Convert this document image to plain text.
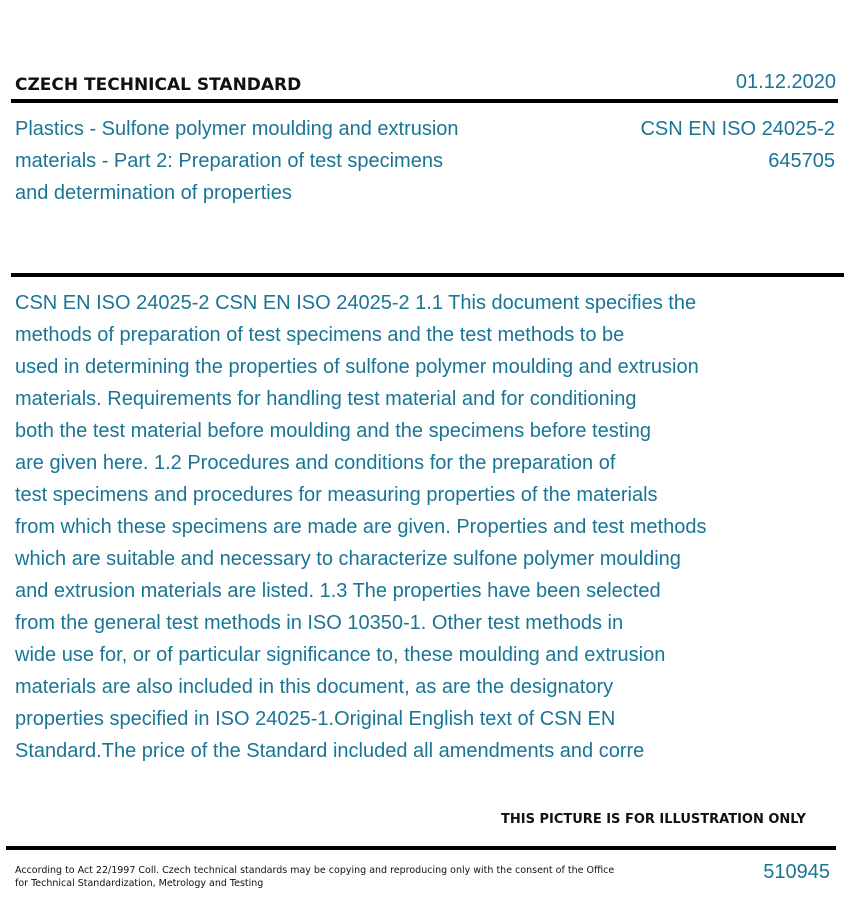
CZECH TECHNICAL STANDARD	01.12.2020
Plastics - Sulfone polymer moulding and extrusion
materials - Part 2: Preparation of test specimens
and determination of properties
CSN EN ISO 24025-2
645705
CSN EN ISO 24025-2 CSN EN ISO 24025-2 1.1 This document specifies the
methods of preparation of test specimens and the test methods to be
used in determining the properties of sulfone polymer moulding and extrusion
materials. Requirements for handling test material and for conditioning
both the test material before moulding and the specimens before testing
are given here. 1.2 Procedures and conditions for the preparation of
test specimens and procedures for measuring properties of the materials
from which these specimens are made are given. Properties and test methods
which are suitable and necessary to characterize sulfone polymer moulding
and extrusion materials are listed. 1.3 The properties have been selected
from the general test methods in ISO 10350-1. Other test methods in
wide use for, or of particular significance to, these moulding and extrusion
materials are also included in this document, as are the designatory
properties specified in ISO 24025-1.Original English text of CSN EN
Standard.The price of the Standard included all amendments and corre
THIS PICTURE IS FOR ILLUSTRATION ONLY
According to Act 22/1997 Coll. Czech technical standards may be copying and reproducing only with the consent of the Office
for Technical Standardization, Metrology and Testing
510945
